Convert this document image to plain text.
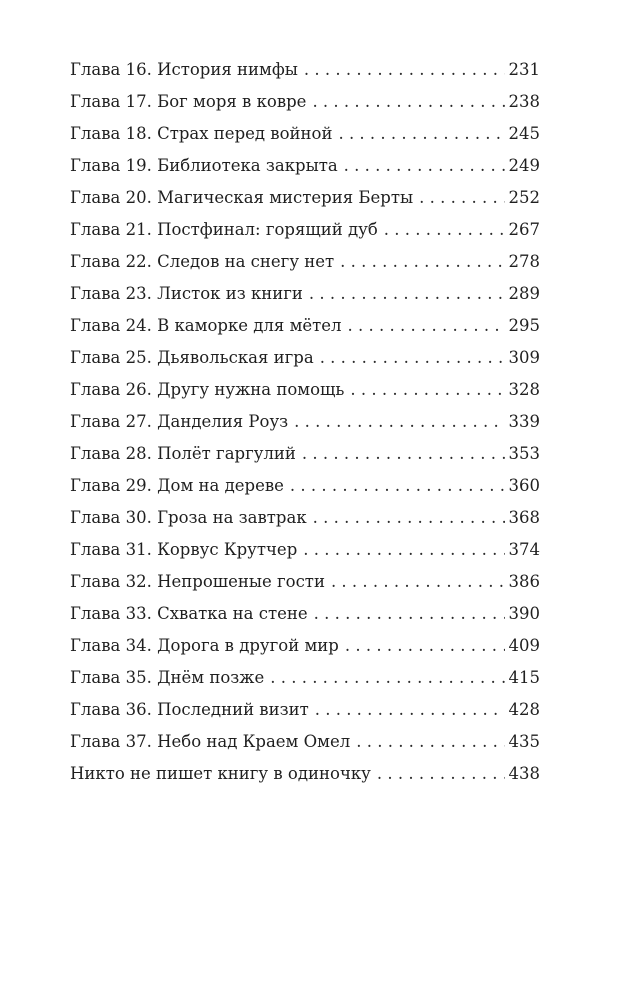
Глава 16. История нимфы . . .	231
Глава 17. Бог моря в ковре . . .	238
Глава 18. Страх перед войной . . .	245
Глава 19. Библиотека закрыта . . .	249
Глава 20. Магическая мистерия Берты . . .	252
Глава 21. Постфинал: горящий дуб . . .	267
Глава 22. Следов на снегу нет . . .	278
Глава 23. Листок из книги . . .	289
Глава 24. В каморке для мётел . . .	295
Глава 25. Дьявольская игра . . .	309
Глава 26. Другу нужна помощь . . .	328
Глава 27. Данделия Роуз . . .	339
Глава 28. Полёт гаргулий . . .	353
Глава 29. Дом на дереве . . .	360
Глава 30. Гроза на завтрак . . .	368
Глава 31. Корвус Крутчер . . .	374
Глава 32. Непрошеные гости . . .	386
Глава 33. Схватка на стене . . .	390
Глава 34. Дорога в другой мир . . .	409
Глава 35. Днём позже . . .	415
Глава 36. Последний визит . . .	428
Глава 37. Небо над Краем Омел . . .	435
Никто не пишет книгу в одиночку . . .	438
